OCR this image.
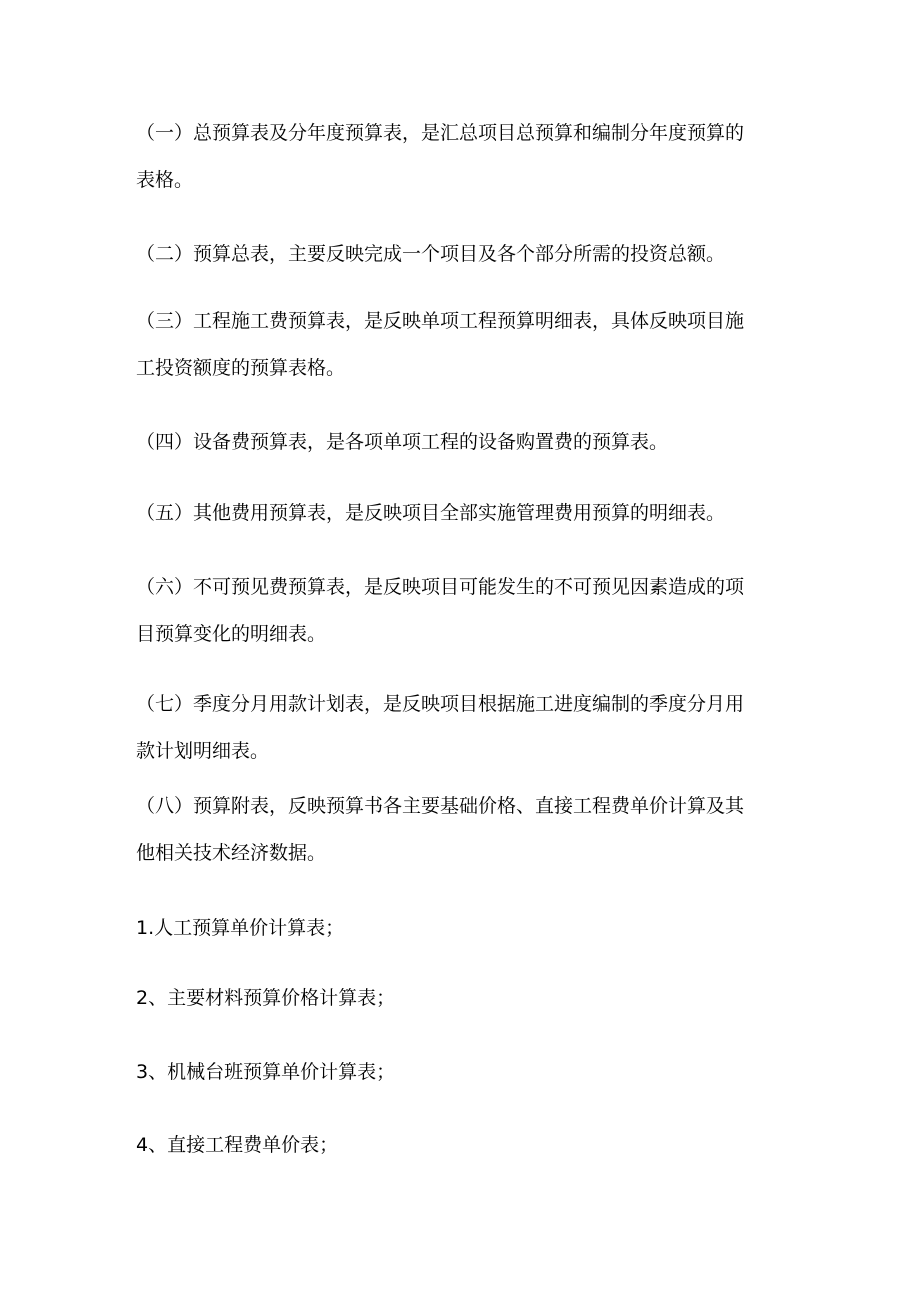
（一）总预算表及分年度预算表，是汇总项目总预算和编制分年度预算的
表格。

（二）预算总表，主要反映完成一个项目及各个部分所需的投资总额。

（三）工程施工费预算表，是反映单项工程预算明细表，具体反映项目施
工投资额度的预算表格。

（四）设备费预算表，是各项单项工程的设备购置费的预算表。

（五）其他费用预算表，是反映项目全部实施管理费用预算的明细表。

（六）不可预见费预算表，是反映项目可能发生的不可预见因素造成的项
目预算变化的明细表。

（七）季度分月用款计划表，是反映项目根据施工进度编制的季度分月用
款计划明细表。

（八）预算附表，反映预算书各主要基础价格、直接工程费单价计算及其
他相关技术经济数据。

1.人工预算单价计算表；

2、主要材料预算价格计算表；

3、机械台班预算单价计算表；

4、直接工程费单价表；
